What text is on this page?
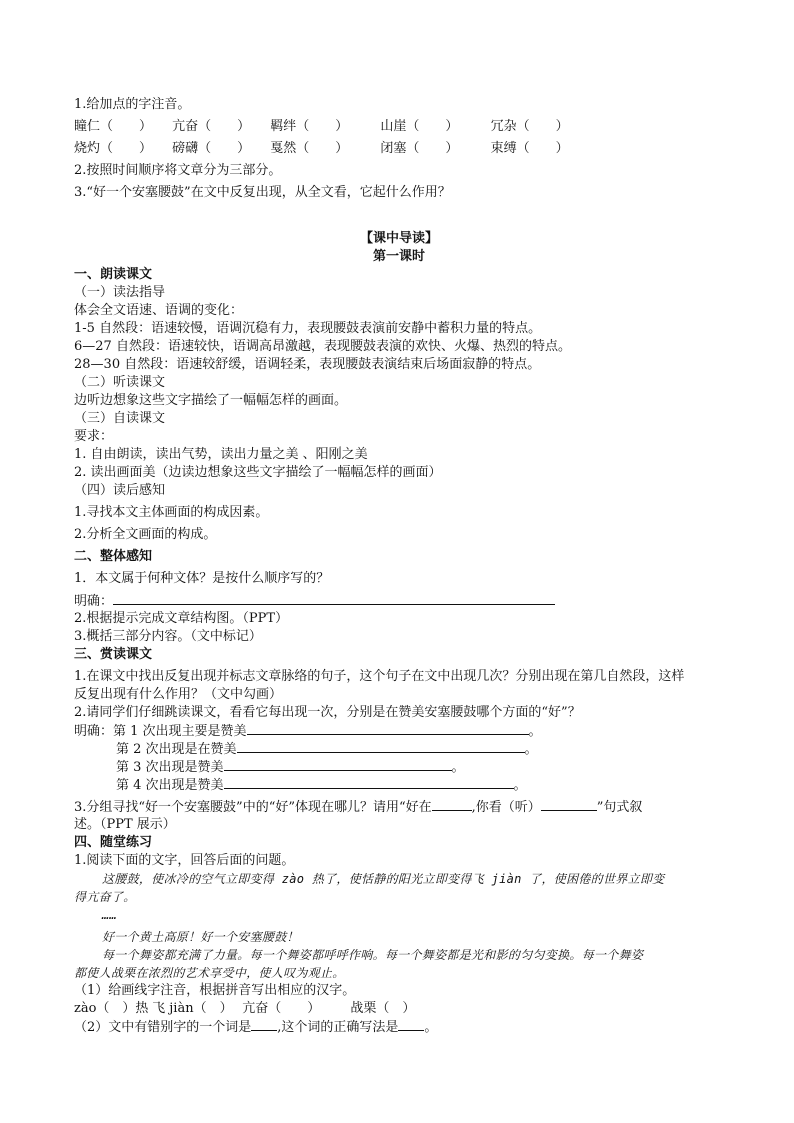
1.给加点的字注音。
瞳仁（　　） 亢奋（　　） 羁绊（　　） 山崖（　　） 冗杂（　　）
烧灼（　　） 磅礴（　　） 戛然（　　） 闭塞（　　） 束缚（　　）
2.按照时间顺序将文章分为三部分。
3.“好一个安塞腰鼓”在文中反复出现，从全文看，它起什么作用？
【课中导读】
第一课时
一、朗读课文
（一）读法指导
体会全文语速、语调的变化：
1-5 自然段：语速较慢，语调沉稳有力，表现腰鼓表演前安静中蓄积力量的特点。
6—27 自然段：语速较快，语调高昂激越，表现腰鼓表演的欢快、火爆、热烈的特点。
28—30 自然段：语速较舒缓，语调轻柔，表现腰鼓表演结束后场面寂静的特点。
（二）听读课文
边听边想象这些文字描绘了一幅幅怎样的画面。
（三）自读课文
要求：
1. 自由朗读，读出气势，读出力量之美 、阳刚之美
2. 读出画面美（边读边想象这些文字描绘了一幅幅怎样的画面）
（四）读后感知
1.寻找本文主体画面的构成因素。
2.分析全文画面的构成。
二、整体感知
1．本文属于何种文体？是按什么顺序写的？
明确：
2.根据提示完成文章结构图。（PPT）
3.概括三部分内容。（文中标记）
三、赏读课文
1.在课文中找出反复出现并标志文章脉络的句子，这个句子在文中出现几次？分别出现在第几自然段，这样
反复出现有什么作用？（文中勾画）
2.请同学们仔细跳读课文，看看它每出现一次，分别是在赞美安塞腰鼓哪个方面的“好”？
明确：第 1 次出现主要是赞美	。
第 2 次出现是在赞美	。
第 3 次出现是赞美	。
第 4 次出现是赞美	。
3.分组寻找“好一个安塞腰鼓”中的“好”体现在哪儿？请用“好在	,你看（听）	”句式叙
述。（PPT 展示）
四、随堂练习
1.阅读下面的文字，回答后面的问题。
这腰鼓，使冰冷的空气立即变得 zào 热了，使恬静的阳光立即变得飞 jiàn 了，使困倦的世界立即变
得亢奋了。
……
好一个黄土高原！好一个安塞腰鼓！
每一个舞姿都充满了力量。每一个舞姿都呼呼作响。每一个舞姿都是光和影的匀匀变换。每一个舞姿
都使人战栗在浓烈的艺术享受中，使人叹为观止。
（1）给画线字注音，根据拼音写出相应的汉字。
zào（　）热 飞 jiàn（　） 亢奋（　　） 战栗（　）
（2）文中有错别字的一个词是 ,这个词的正确写法是 。
